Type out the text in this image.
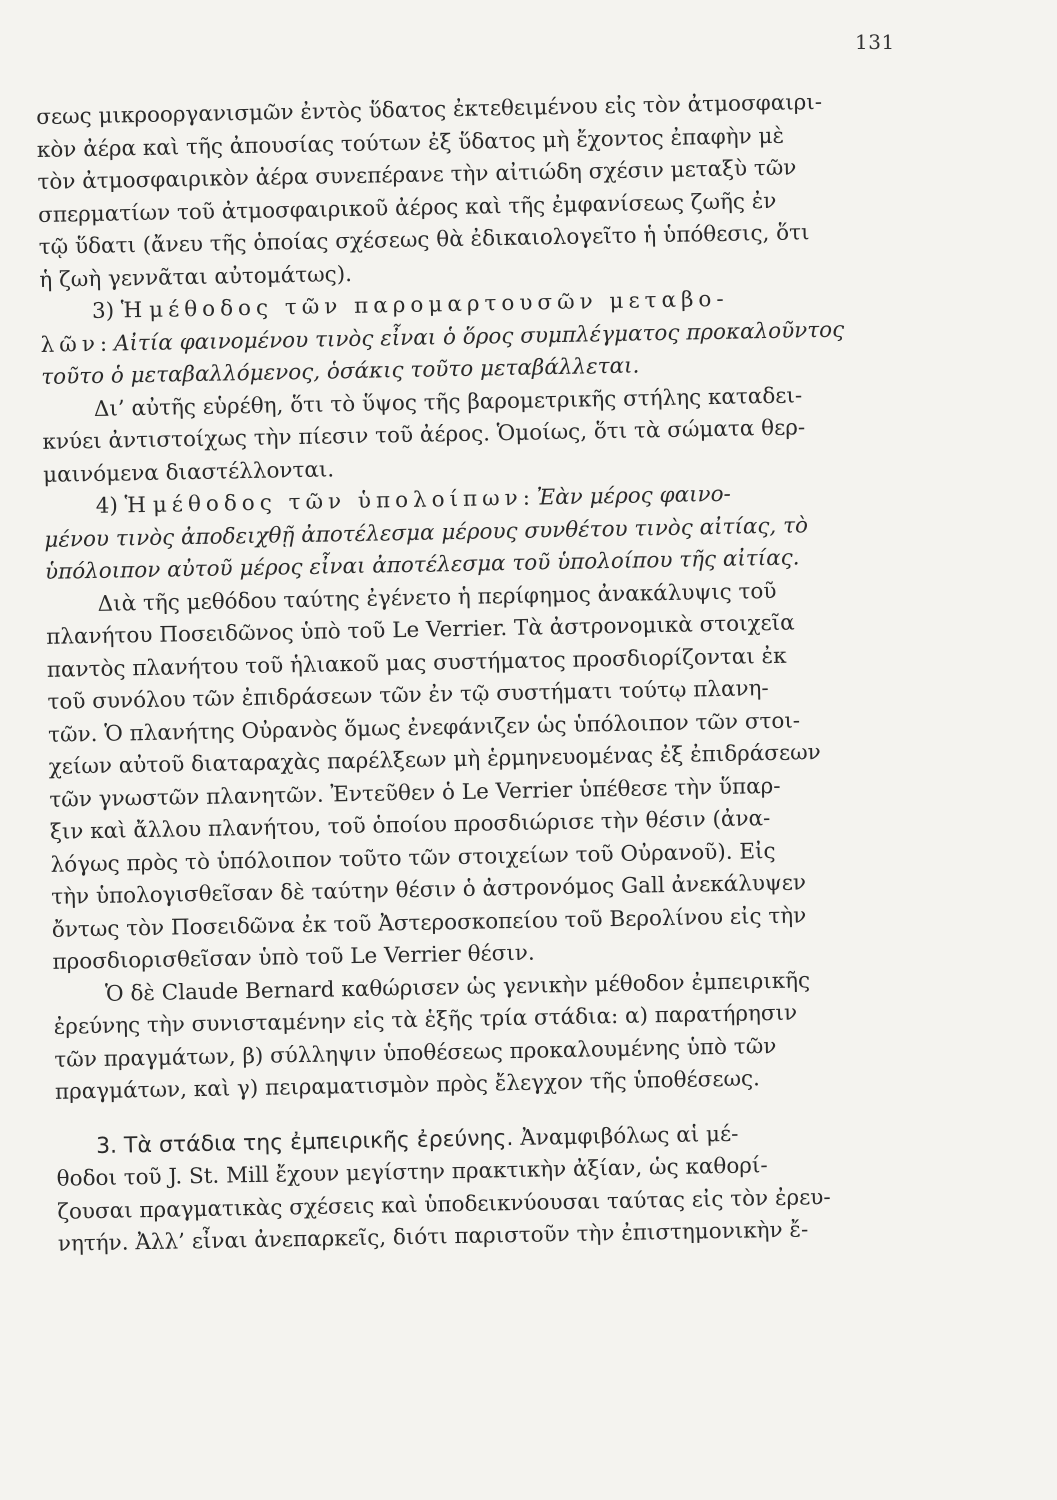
131
σεως μικροοργανισμῶν ἐντὸς ὕδατος ἐκτεθειμένου εἰς τὸν ἀτμοσφαιρι-
κὸν ἀέρα καὶ τῆς ἀπουσίας τούτων ἐξ ὕδατος μὴ ἔχοντος ἐπαφὴν μὲ
τὸν ἀτμοσφαιρικὸν ἀέρα συνεπέρανε τὴν αἰτιώδη σχέσιν μεταξὺ τῶν
σπερματίων τοῦ ἀτμοσφαιρικοῦ ἀέρος καὶ τῆς ἐμφανίσεως ζωῆς ἐν
τῷ ὕδατι (ἄνευ τῆς ὁποίας σχέσεως θὰ ἐδικαιολογεῖτο ἡ ὑπόθεσις, ὅτι
ἡ ζωὴ γεννᾶται αὐτομάτως).
3) Ἡ μέθοδος τῶν παρομαρτουσῶν μεταβο-
λῶν: Αἰτία φαινομένου τινὸς εἶναι ὁ ὅρος συμπλέγματος προκαλοῦντος
τοῦτο ὁ μεταβαλλόμενος, ὁσάκις τοῦτο μεταβάλλεται.
Δι’ αὐτῆς εὑρέθη, ὅτι τὸ ὕψος τῆς βαρομετρικῆς στήλης καταδει-
κνύει ἀντιστοίχως τὴν πίεσιν τοῦ ἀέρος. Ὁμοίως, ὅτι τὰ σώματα θερ-
μαινόμενα διαστέλλονται.
4) Ἡ μέθοδος τῶν ὑπολοίπων: Ἐὰν μέρος φαινο-
μένου τινὸς ἀποδειχθῇ ἀποτέλεσμα μέρους συνθέτου τινὸς αἰτίας, τὸ
ὑπόλοιπον αὐτοῦ μέρος εἶναι ἀποτέλεσμα τοῦ ὑπολοίπου τῆς αἰτίας.
Διὰ τῆς μεθόδου ταύτης ἐγένετο ἡ περίφημος ἀνακάλυψις τοῦ
πλανήτου Ποσειδῶνος ὑπὸ τοῦ Le Verrier. Τὰ ἀστρονομικὰ στοιχεῖα
παντὸς πλανήτου τοῦ ἡλιακοῦ μας συστήματος προσδιορίζονται ἐκ
τοῦ συνόλου τῶν ἐπιδράσεων τῶν ἐν τῷ συστήματι τούτῳ πλανη-
τῶν. Ὁ πλανήτης Οὐρανὸς ὅμως ἐνεφάνιζεν ὡς ὑπόλοιπον τῶν στοι-
χείων αὐτοῦ διαταραχὰς παρέλξεων μὴ ἑρμηνευομένας ἐξ ἐπιδράσεων
τῶν γνωστῶν πλανητῶν. Ἐντεῦθεν ὁ Le Verrier ὑπέθεσε τὴν ὕπαρ-
ξιν καὶ ἄλλου πλανήτου, τοῦ ὁποίου προσδιώρισε τὴν θέσιν (ἀνα-
λόγως πρὸς τὸ ὑπόλοιπον τοῦτο τῶν στοιχείων τοῦ Οὐρανοῦ). Εἰς
τὴν ὑπολογισθεῖσαν δὲ ταύτην θέσιν ὁ ἀστρονόμος Gall ἀνεκάλυψεν
ὄντως τὸν Ποσειδῶνα ἐκ τοῦ Ἀστεροσκοπείου τοῦ Βερολίνου εἰς τὴν
προσδιορισθεῖσαν ὑπὸ τοῦ Le Verrier θέσιν.
Ὁ δὲ Claude Bernard καθώρισεν ὡς γενικὴν μέθοδον ἐμπειρικῆς
ἐρεύνης τὴν συνισταμένην εἰς τὰ ἑξῆς τρία στάδια: α) παρατήρησιν
τῶν πραγμάτων, β) σύλληψιν ὑποθέσεως προκαλουμένης ὑπὸ τῶν
πραγμάτων, καὶ γ) πειραματισμὸν πρὸς ἔλεγχον τῆς ὑποθέσεως.
3. Τὰ στάδια της ἐμπειρικῆς ἐρεύνης. Ἀναμφιβόλως αἱ μέ-
θοδοι τοῦ J. St. Mill ἔχουν μεγίστην πρακτικὴν ἀξίαν, ὡς καθορί-
ζουσαι πραγματικὰς σχέσεις καὶ ὑποδεικνύουσαι ταύτας εἰς τὸν ἐρευ-
νητήν. Ἀλλ’ εἶναι ἀνεπαρκεῖς, διότι παριστοῦν τὴν ἐπιστημονικὴν ἔ-
